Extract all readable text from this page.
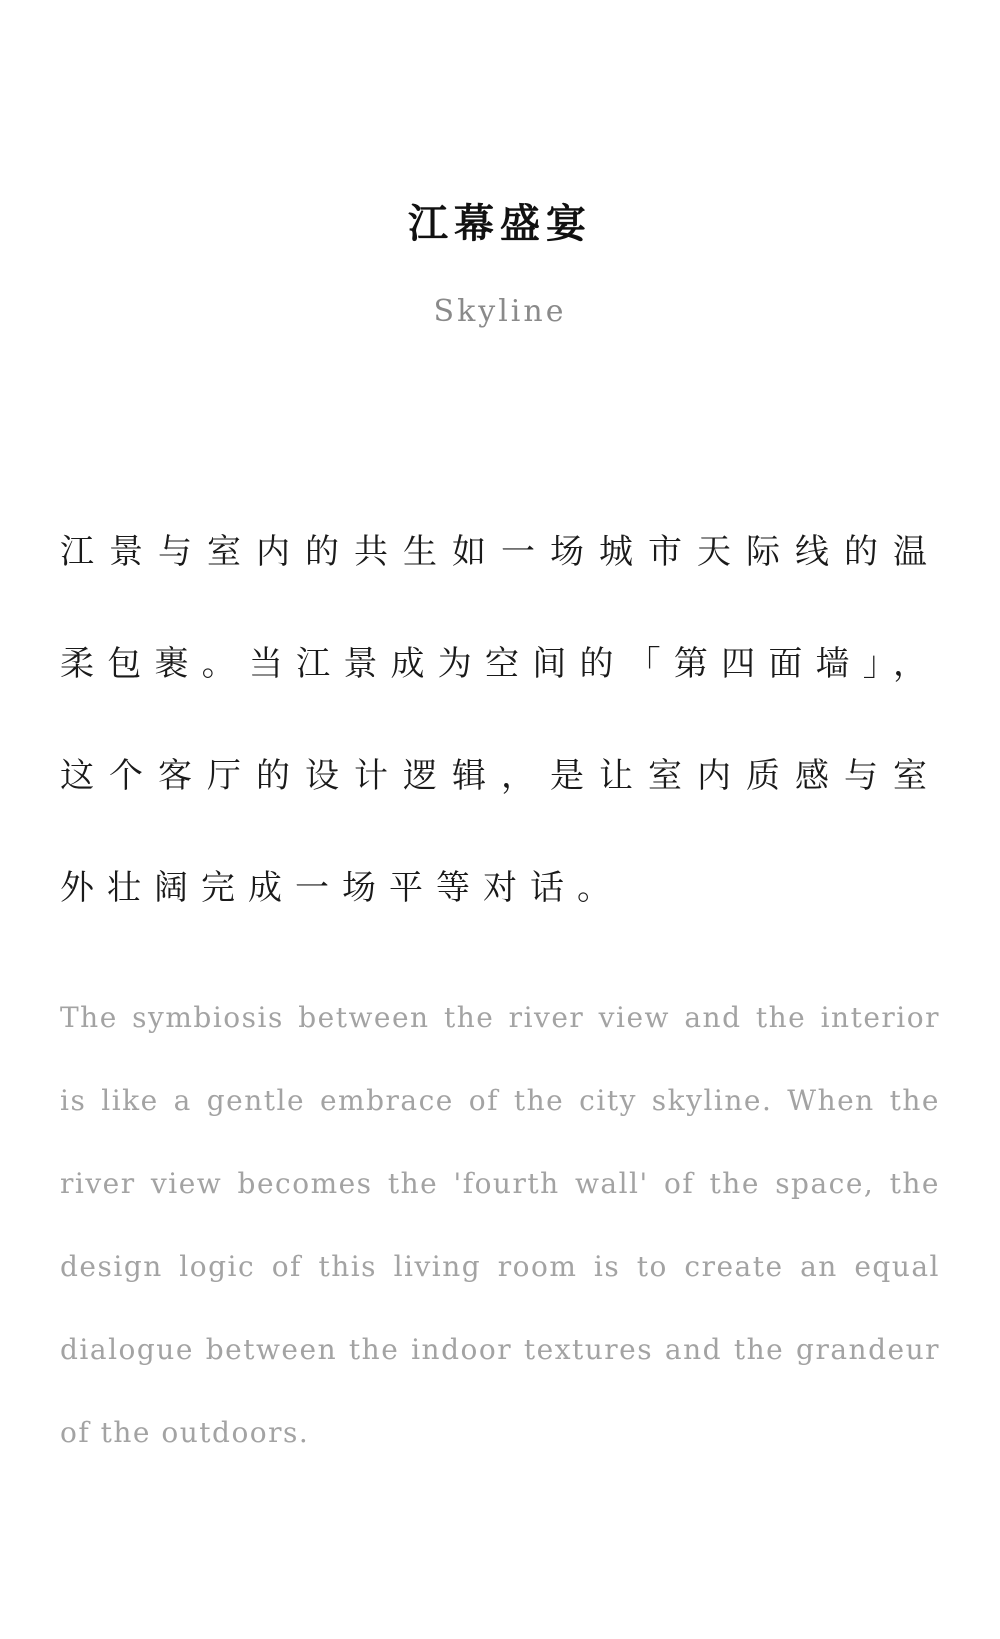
江幕盛宴
Skyline

江景与室内的共生如一场城市天际线的温柔包裹。当江景成为空间的「第四面墙」，这个客厅的设计逻辑，是让室内质感与室外壮阔完成一场平等对话。

The symbiosis between the river view and the interior is like a gentle embrace of the city skyline. When the river view becomes the 'fourth wall' of the space, the design logic of this living room is to create an equal dialogue between the indoor textures and the grandeur of the outdoors.
